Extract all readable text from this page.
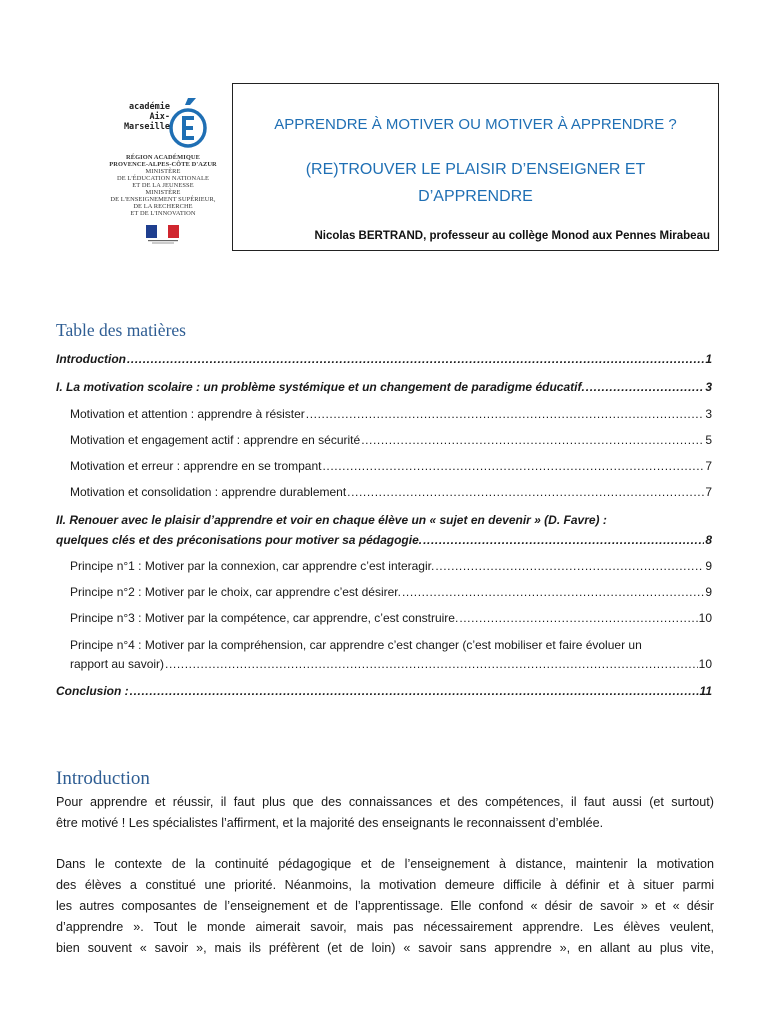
académie
Aix-Marseille
RÉGION ACADÉMIQUE
PROVENCE-ALPES-CÔTE D'AZUR
MINISTÈRE
DE L'ÉDUCATION NATIONALE
ET DE LA JEUNESSE
MINISTÈRE
DE L'ENSEIGNEMENT SUPÉRIEUR,
DE LA RECHERCHE
ET DE L'INNOVATION
APPRENDRE À MOTIVER OU MOTIVER À APPRENDRE ?
(RE)TROUVER LE PLAISIR D’ENSEIGNER ET
D’APPRENDRE
Nicolas BERTRAND, professeur au collège Monod aux Pennes Mirabeau
Table des matières
Introduction .....	1
I. La motivation scolaire : un problème systémique et un changement de paradigme éducatif. .....	3
Motivation et attention : apprendre à résister .....	3
Motivation et engagement actif : apprendre en sécurité .....	5
Motivation et erreur : apprendre en se trompant .....	7
Motivation et consolidation : apprendre durablement .....	7
II. Renouer avec le plaisir d’apprendre et voir en chaque élève un « sujet en devenir » (D. Favre) :
quelques clés et des préconisations pour motiver sa pédagogie. .....	8
Principe n°1 : Motiver par la connexion, car apprendre c’est interagir. .....	9
Principe n°2 : Motiver par le choix, car apprendre c’est désirer. .....	9
Principe n°3 : Motiver par la compétence, car apprendre, c’est construire. .....	10
Principe n°4 : Motiver par la compréhension, car apprendre c’est changer (c’est mobiliser et faire évoluer un
rapport au savoir) .....	10
Conclusion : .....	11
Introduction
Pour apprendre et réussir, il faut plus que des connaissances et des compétences, il faut aussi (et surtout)
être motivé ! Les spécialistes l’affirment, et la majorité des enseignants le reconnaissent d’emblée.
Dans le contexte de la continuité pédagogique et de l’enseignement à distance, maintenir la motivation
des élèves a constitué une priorité. Néanmoins, la motivation demeure difficile à définir et à situer parmi
les autres composantes de l’enseignement et de l’apprentissage. Elle confond « désir de savoir » et « désir
d’apprendre ». Tout le monde aimerait savoir, mais pas nécessairement apprendre. Les élèves veulent,
bien souvent « savoir », mais ils préfèrent (et de loin) « savoir sans apprendre », en allant au plus vite,
